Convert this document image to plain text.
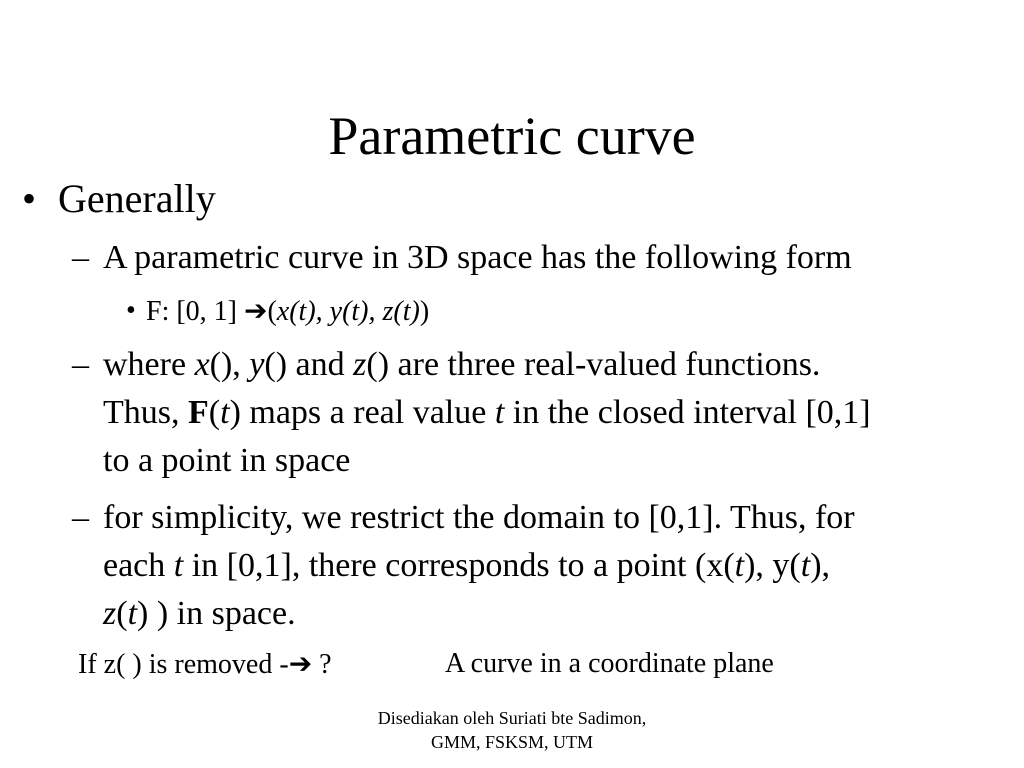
Parametric curve
• Generally
– A parametric curve in 3D space has the following form
• F: [0, 1] ➔(x(t), y(t), z(t))
– where x(), y() and z() are three real-valued functions.
Thus, F(t) maps a real value t in the closed interval [0,1]
to a point in space
– for simplicity, we restrict the domain to [0,1]. Thus, for
each t in [0,1], there corresponds to a point (x(t), y(t),
z(t) ) in space.
If z( ) is removed -➔ ?	A curve in a coordinate plane
Disediakan oleh Suriati bte Sadimon,
GMM, FSKSM, UTM
